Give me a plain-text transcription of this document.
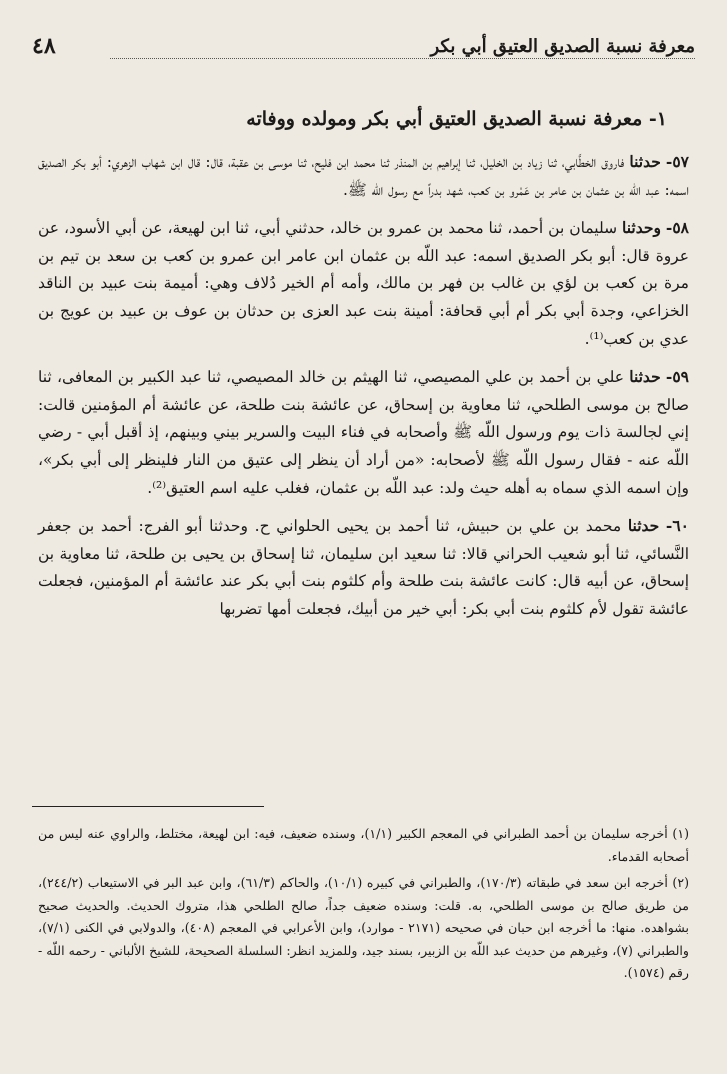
٤٨	معرفة نسبة الصديق العتيق أبي بكر
١- معرفة نسبة الصديق العتيق أبي بكر ومولده ووفاته

٥٧- حدثنا فاروق الخطَّابي، ثنا زياد بن الخليل، ثنا إبراهيم بن المنذر ثنا محمد ابن فليح، ثنا موسى بن عقبة، قال: قال ابن شهاب الزهري: أبو بكر الصديق اسمه: عبد اللّه بن عثمان بن عامر بن عَمْرو بن كعب، شهد بدراً مع رسول اللّه ﷺ.

٥٨- وحدثنا سليمان بن أحمد، ثنا محمد بن عمرو بن خالد، حدثني أبي، ثنا ابن لهيعة، عن أبي الأسود، عن عروة قال: أبو بكر الصديق اسمه: عبد اللّه بن عثمان ابن عامر ابن عمرو بن كعب بن سعد بن تيم بن مرة بن كعب بن لؤي بن غالب بن فهر بن مالك، وأمه أم الخير دُلاف وهي: أميمة بنت عبيد بن الناقد الخزاعي، وجدة أبي بكر أم أبي قحافة: أمينة بنت عبد العزى بن حدثان بن عوف بن عبيد بن عويج بن عدي بن كعب⁽¹⁾.

٥٩- حدثنا علي بن أحمد بن علي المصيصي، ثنا الهيثم بن خالد المصيصي، ثنا عبد الكبير بن المعافى، ثنا صالح بن موسى الطلحي، ثنا معاوية بن إسحاق، عن عائشة بنت طلحة، عن عائشة أم المؤمنين قالت: إني لجالسة ذات يوم ورسول اللّه ﷺ وأصحابه في فناء البيت والسرير بيني وبينهم، إذ أقبل أبي - رضي اللّه عنه - فقال رسول اللّه ﷺ لأصحابه: «من أراد أن ينظر إلى عتيق من النار فلينظر إلى أبي بكر»، وإن اسمه الذي سماه به أهله حيث ولد: عبد اللّه بن عثمان، فغلب عليه اسم العتيق⁽²⁾.

٦٠- حدثنا محمد بن علي بن حبيش، ثنا أحمد بن يحيى الحلواني ح. وحدثنا أبو الفرج: أحمد بن جعفر النَّسائي، ثنا أبو شعيب الحراني قالا: ثنا سعيد ابن سليمان، ثنا إسحاق بن يحيى بن طلحة، ثنا معاوية بن إسحاق، عن أبيه قال: كانت عائشة بنت طلحة وأم كلثوم بنت أبي بكر عند عائشة أم المؤمنين، فجعلت عائشة تقول لأم كلثوم بنت أبي بكر: أبي خير من أبيك، فجعلت أمها تضربها

(١) أخرجه سليمان بن أحمد الطبراني في المعجم الكبير (١/١)، وسنده ضعيف، فيه: ابن لهيعة، مختلط، والراوي عنه ليس من أصحابه القدماء.

(٢) أخرجه ابن سعد في طبقاته (١٧٠/٣)، والطبراني في كبيره (١٠/١)، والحاكم (٦١/٣)، وابن عبد البر في الاستيعاب (٢٤٤/٢)، من طريق صالح بن موسى الطلحي، به. قلت: وسنده ضعيف جداً، صالح الطلحي هذا، متروك الحديث. والحديث صحيح بشواهده. منها: ما أخرجه ابن حبان في صحيحه (٢١٧١ - موارد)، وابن الأعرابي في المعجم (٤٠٨)، والدولابي في الكنى (٧/١)، والطبراني (٧)، وغيرهم من حديث عبد اللّه بن الزبير، بسند جيد، وللمزيد انظر: السلسلة الصحيحة، للشيخ الألباني - رحمه اللّه - رقم (١٥٧٤).
